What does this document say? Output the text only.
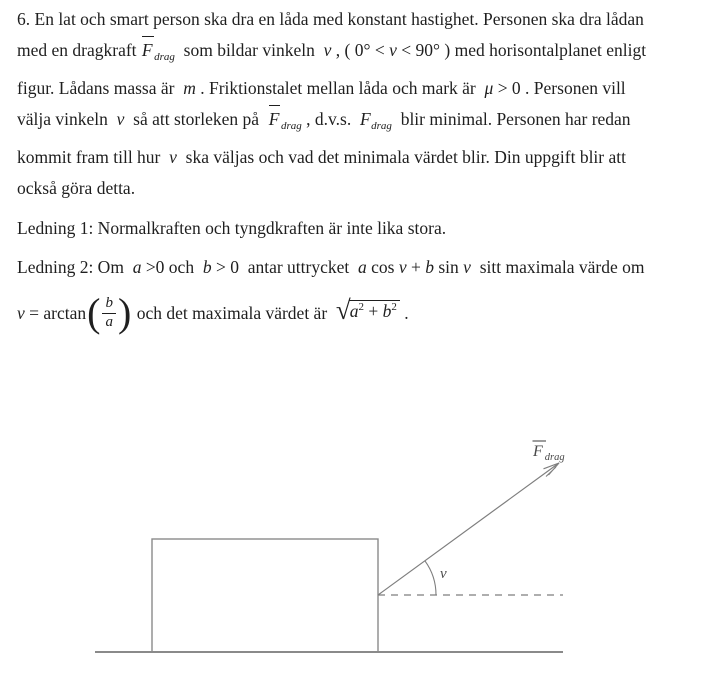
6. En lat och smart person ska dra en låda med konstant hastighet. Personen ska dra lådan
med en dragkraft F $_{drag}$  som bildar vinkeln  v , ( 0° < v < 90° ) med horisontalplanet enligt
figur. Lådans massa är  m . Friktionstalet mellan låda och mark är  μ > 0 . Personen vill
välja vinkeln  v  så att storleken på  F $_{drag}$ , d.v.s.  $F_{drag}$  blir minimal. Personen har redan
kommit fram till hur  v  ska väljas och vad det minimala värdet blir. Din uppgift blir att
också göra detta.
Ledning 1: Normalkraften och tyngdkraften är inte lika stora.
Ledning 2: Om  a >0 och  b > 0  antar uttrycket  a cos v + b sin v  sitt maximala värde om
v = arctan ( $\frac{b}{a}$ ) och det maximala värdet är √ $a^2 + b^2$ .
v
F $_{drag}$
